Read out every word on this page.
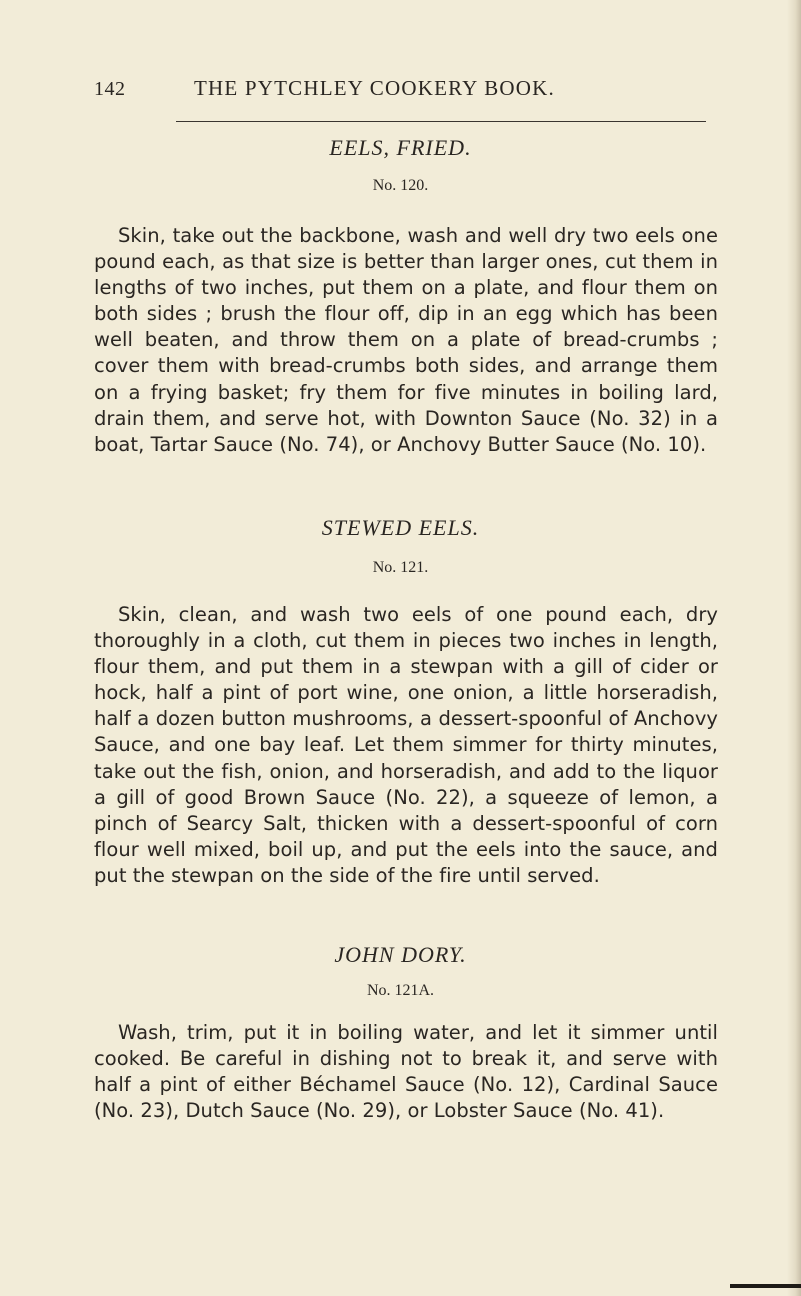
142	THE PYTCHLEY COOKERY BOOK.

EELS, FRIED.

No. 120.

Skin, take out the backbone, wash and well dry two eels one pound each, as that size is better than larger ones, cut them in lengths of two inches, put them on a plate, and flour them on both sides ; brush the flour off, dip in an egg which has been well beaten, and throw them on a plate of bread-crumbs ; cover them with bread-crumbs both sides, and arrange them on a frying basket; fry them for five minutes in boiling lard, drain them, and serve hot, with Downton Sauce (No. 32) in a boat, Tartar Sauce (No. 74), or Anchovy Butter Sauce (No. 10).

STEWED EELS.

No. 121.

Skin, clean, and wash two eels of one pound each, dry thoroughly in a cloth, cut them in pieces two inches in length, flour them, and put them in a stewpan with a gill of cider or hock, half a pint of port wine, one onion, a little horseradish, half a dozen button mushrooms, a dessert-spoonful of Anchovy Sauce, and one bay leaf. Let them simmer for thirty minutes, take out the fish, onion, and horseradish, and add to the liquor a gill of good Brown Sauce (No. 22), a squeeze of lemon, a pinch of Searcy Salt, thicken with a dessert-spoonful of corn flour well mixed, boil up, and put the eels into the sauce, and put the stewpan on the side of the fire until served.

JOHN DORY.

No. 121A.

Wash, trim, put it in boiling water, and let it simmer until cooked. Be careful in dishing not to break it, and serve with half a pint of either Béchamel Sauce (No. 12), Cardinal Sauce (No. 23), Dutch Sauce (No. 29), or Lobster Sauce (No. 41).
